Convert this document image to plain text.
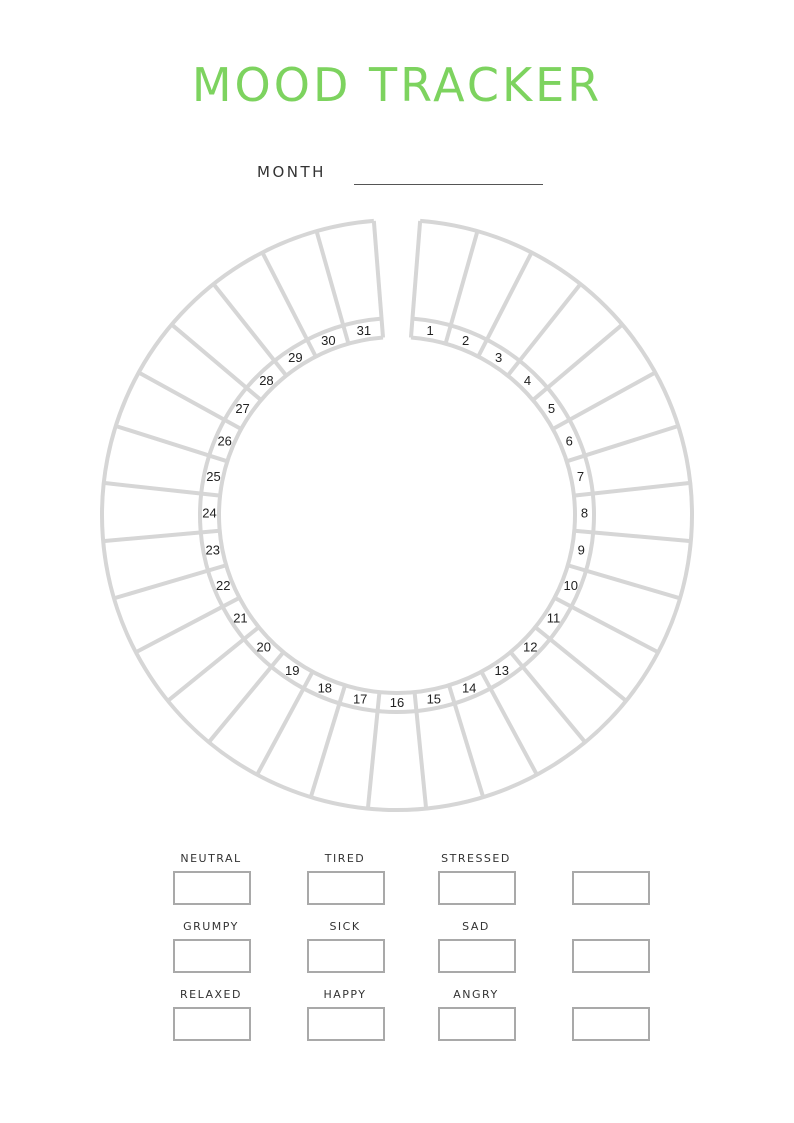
MOOD TRACKER
MONTH
1
2
3
4
5
6
7
8
9
10
11
12
13
14
15
16
17
18
19
20
21
22
23
24
25
26
27
28
29
30
31
NEUTRAL	TIRED	STRESSED
GRUMPY	SICK	SAD
RELAXED	HAPPY	ANGRY
